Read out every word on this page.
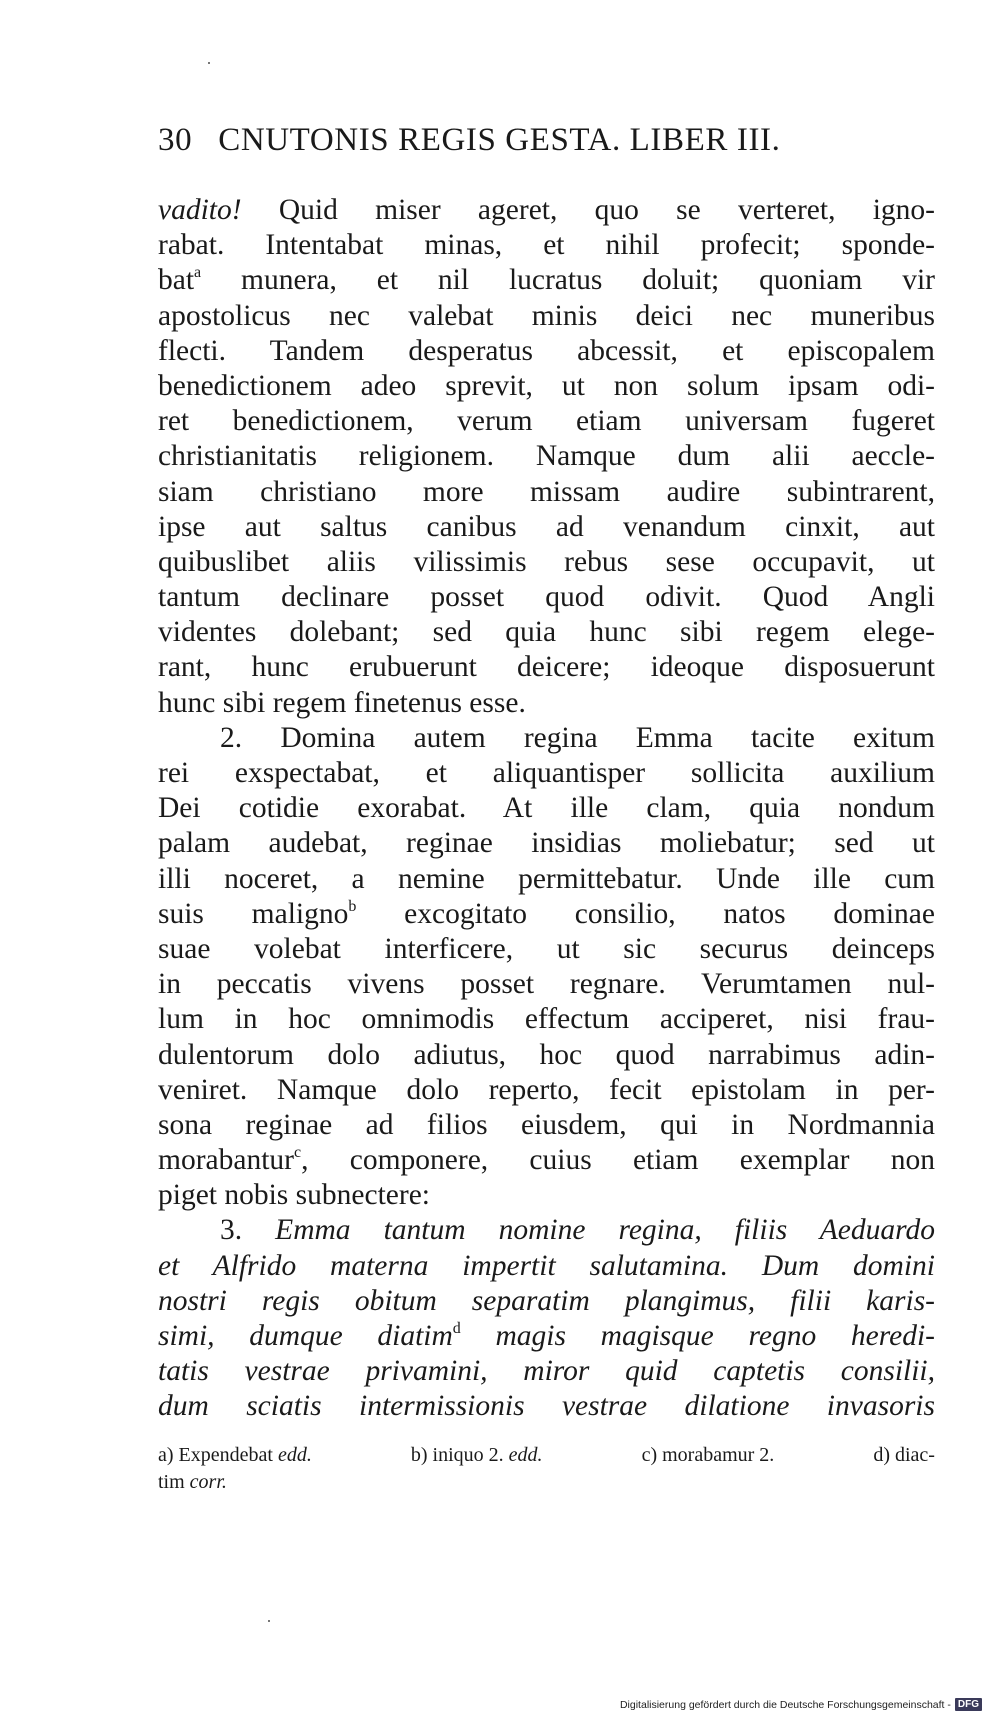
30 CNUTONIS REGIS GESTA. LIBER III.
vadito! Quid miser ageret, quo se verteret, igno-
rabat. Intentabat minas, et nihil profecit; sponde-
bat$^a$ munera, et nil lucratus doluit; quoniam vir
apostolicus nec valebat minis deici nec muneribus
flecti. Tandem desperatus abcessit, et episcopalem
benedictionem adeo sprevit, ut non solum ipsam odi-
ret benedictionem, verum etiam universam fugeret
christianitatis religionem. Namque dum alii aeccle-
siam christiano more missam audire subintrarent,
ipse aut saltus canibus ad venandum cinxit, aut
quibuslibet aliis vilissimis rebus sese occupavit, ut
tantum declinare posset quod odivit. Quod Angli
videntes dolebant; sed quia hunc sibi regem elege-
rant, hunc erubuerunt deicere; ideoque disposuerunt
hunc sibi regem finetenus esse.
2. Domina autem regina Emma tacite exitum
rei exspectabat, et aliquantisper sollicita auxilium
Dei cotidie exorabat. At ille clam, quia nondum
palam audebat, reginae insidias moliebatur; sed ut
illi noceret, a nemine permittebatur. Unde ille cum
suis maligno$^b$ excogitato consilio, natos dominae
suae volebat interficere, ut sic securus deinceps
in peccatis vivens posset regnare. Verumtamen nul-
lum in hoc omnimodis effectum acciperet, nisi frau-
dulentorum dolo adiutus, hoc quod narrabimus adin-
veniret. Namque dolo reperto, fecit epistolam in per-
sona reginae ad filios eiusdem, qui in Nordmannia
morabantur$^c$, componere, cuius etiam exemplar non
piget nobis subnectere:
3. Emma tantum nomine regina, filiis Aeduardo
et Alfrido materna impertit salutamina. Dum domini
nostri regis obitum separatim plangimus, filii karis-
simi, dumque diatim$^d$ magis magisque regno heredi-
tatis vestrae privamini, miror quid captetis consilii,
dum sciatis intermissionis vestrae dilatione invasoris
a) Expendebat edd.	b) iniquo 2. edd.	c) morabamur 2.	d) diac-
tim corr.
Digitalisierung gefördert durch die Deutsche Forschungsgemeinschaft - DFG
